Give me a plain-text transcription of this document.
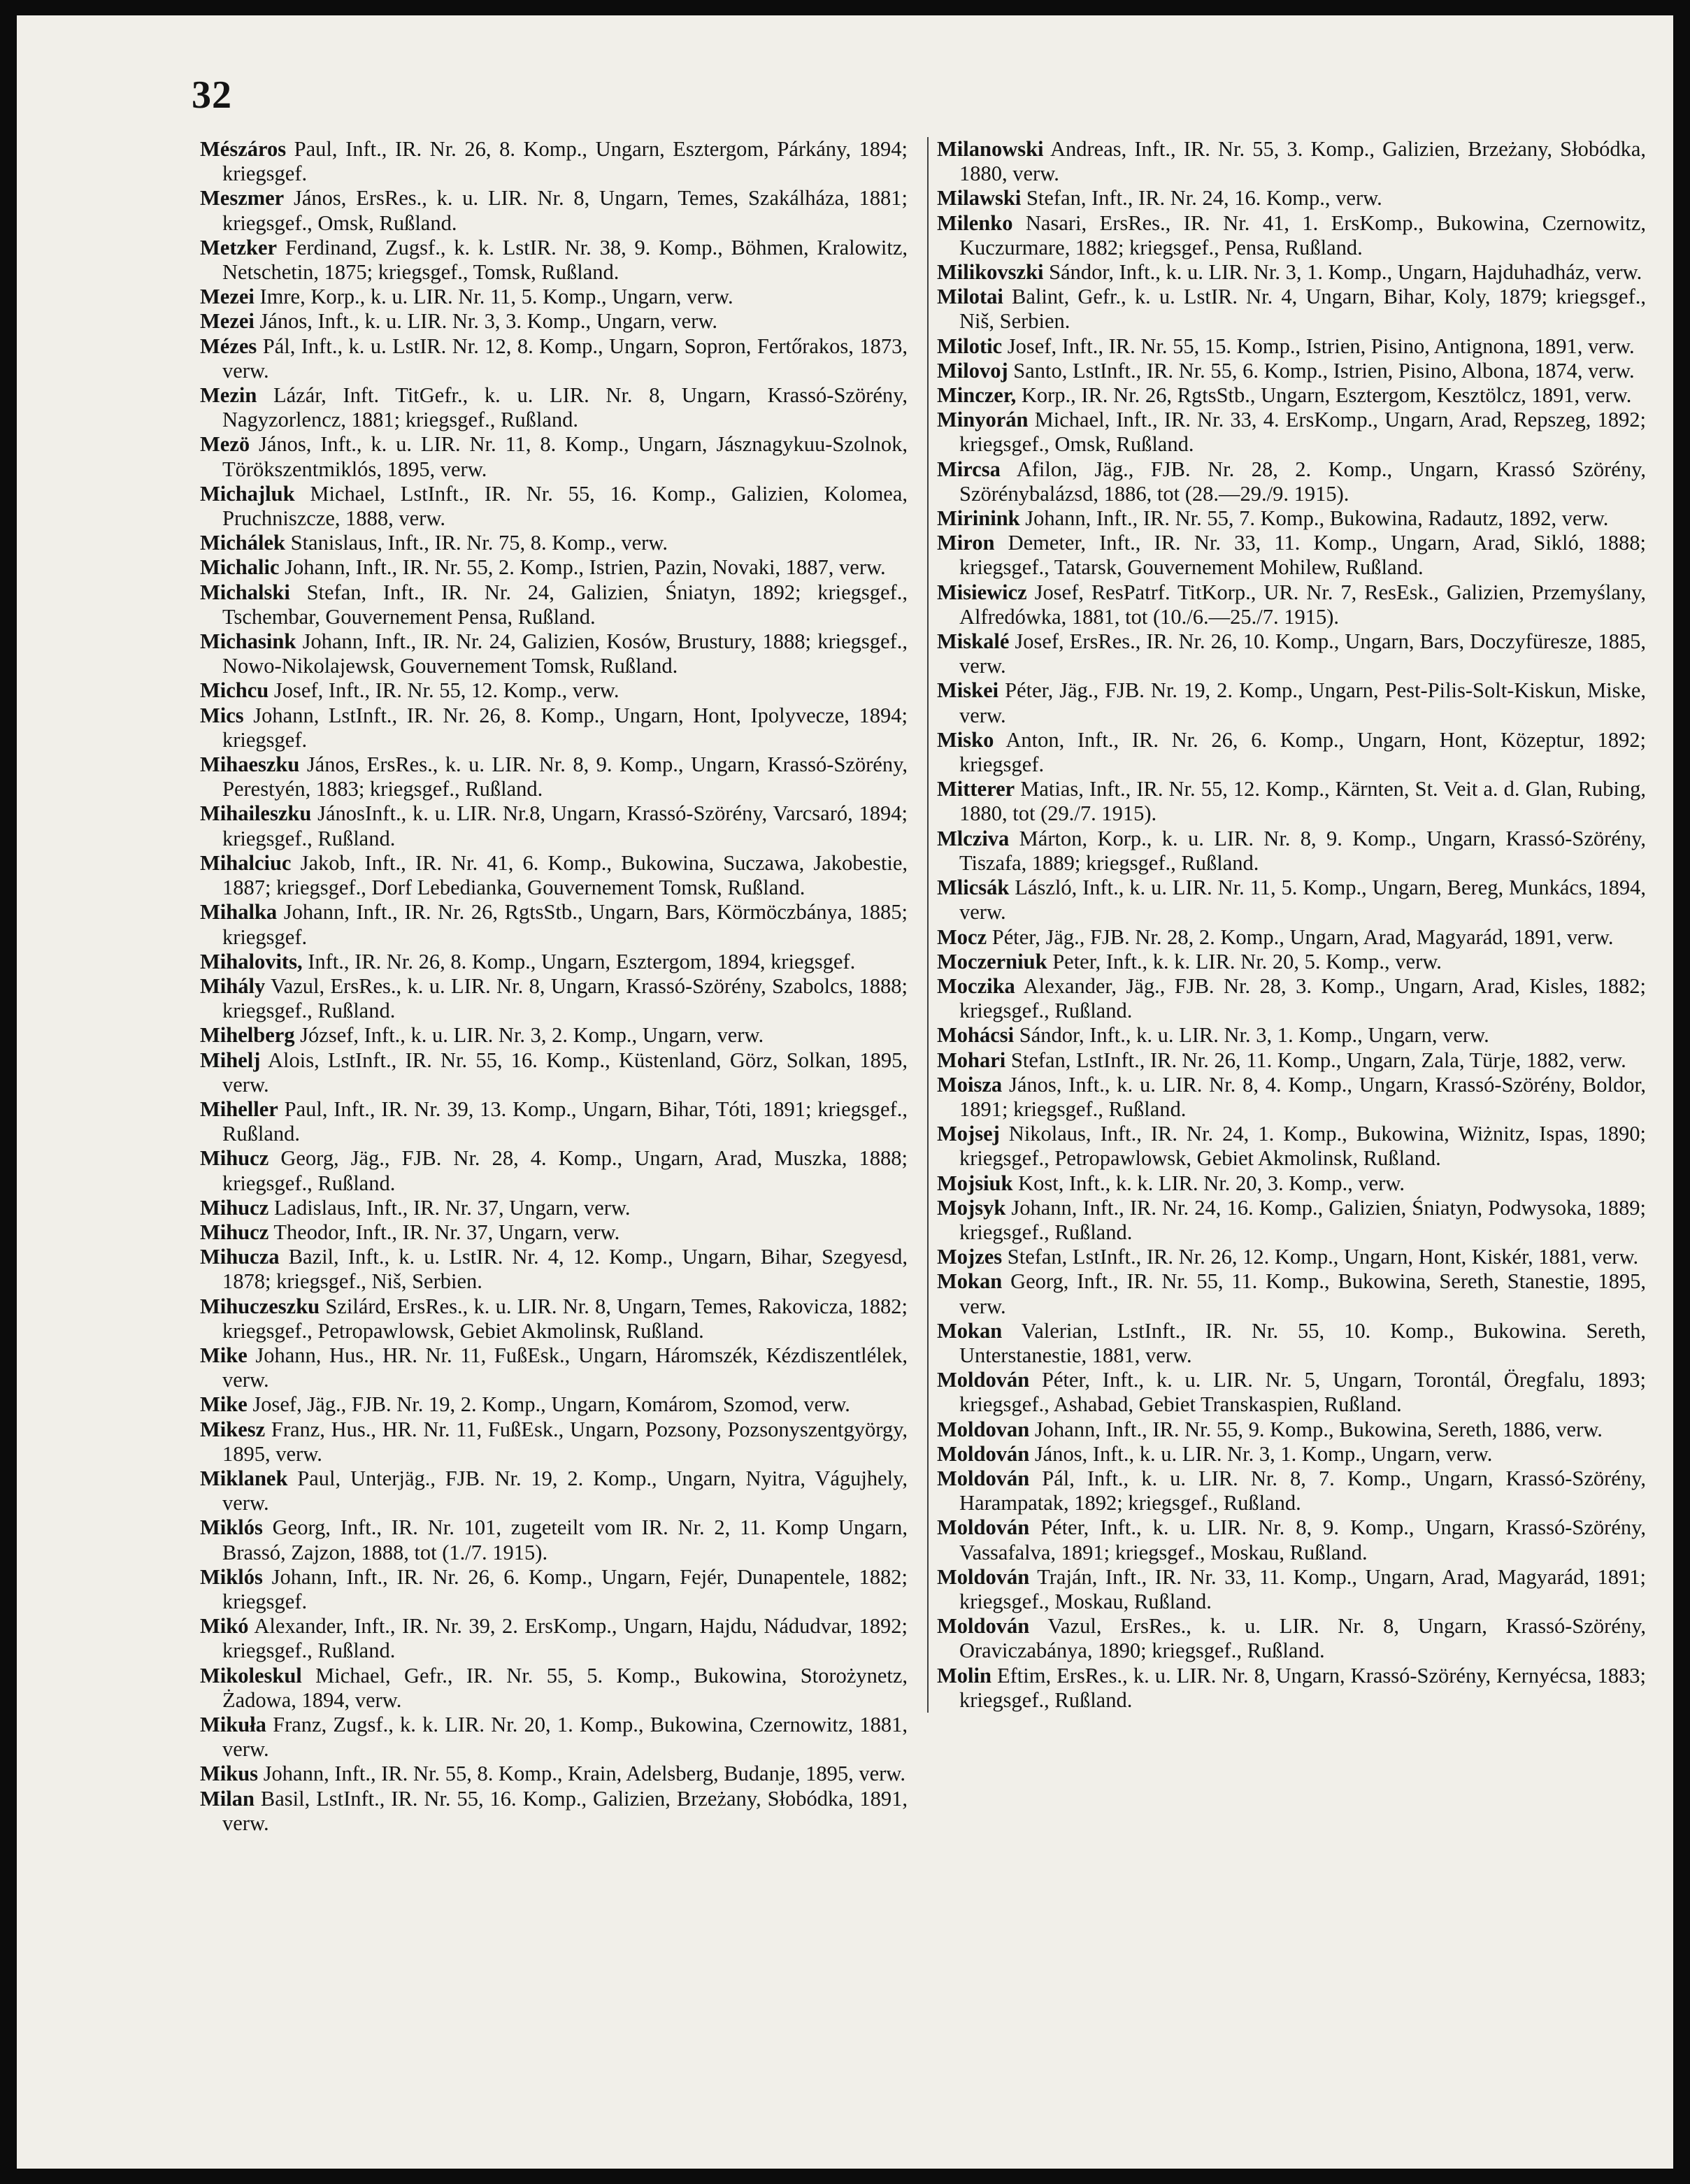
32

Mészáros Paul, Inft., IR. Nr. 26, 8. Komp., Ungarn, Esztergom, Párkány, 1894; kriegsgef.

Meszmer János, ErsRes., k. u. LIR. Nr. 8, Ungarn, Temes, Szakálháza, 1881; kriegsgef., Omsk, Rußland.

Metzker Ferdinand, Zugsf., k. k. LstIR. Nr. 38, 9. Komp., Böhmen, Kralowitz, Netschetin, 1875; kriegsgef., Tomsk, Rußland.

Mezei Imre, Korp., k. u. LIR. Nr. 11, 5. Komp., Ungarn, verw.

Mezei János, Inft., k. u. LIR. Nr. 3, 3. Komp., Ungarn, verw.

Mézes Pál, Inft., k. u. LstIR. Nr. 12, 8. Komp., Ungarn, Sopron, Fertőrakos, 1873, verw.

Mezin Lázár, Inft. TitGefr., k. u. LIR. Nr. 8, Ungarn, Krassó-Szörény, Nagyzorlencz, 1881; kriegsgef., Rußland.

Mezö János, Inft., k. u. LIR. Nr. 11, 8. Komp., Ungarn, Jásznagykuu-Szolnok, Törökszentmiklós, 1895, verw.

Michajluk Michael, LstInft., IR. Nr. 55, 16. Komp., Galizien, Kolomea, Pruchniszcze, 1888, verw.

Michálek Stanislaus, Inft., IR. Nr. 75, 8. Komp., verw.

Michalic Johann, Inft., IR. Nr. 55, 2. Komp., Istrien, Pazin, Novaki, 1887, verw.

Michalski Stefan, Inft., IR. Nr. 24, Galizien, Śniatyn, 1892; kriegsgef., Tschembar, Gouvernement Pensa, Rußland.

Michasink Johann, Inft., IR. Nr. 24, Galizien, Kosów, Brustury, 1888; kriegsgef., Nowo-Nikolajewsk, Gouvernement Tomsk, Rußland.

Michcu Josef, Inft., IR. Nr. 55, 12. Komp., verw.

Mics Johann, LstInft., IR. Nr. 26, 8. Komp., Ungarn, Hont, Ipolyvecze, 1894; kriegsgef.

Mihaeszku János, ErsRes., k. u. LIR. Nr. 8, 9. Komp., Ungarn, Krassó-Szörény, Perestyén, 1883; kriegsgef., Rußland.

Mihaileszku JánosInft., k. u. LIR. Nr.8, Ungarn, Krassó-Szörény, Varcsaró, 1894; kriegsgef., Rußland.

Mihalciuc Jakob, Inft., IR. Nr. 41, 6. Komp., Bukowina, Suczawa, Jakobestie, 1887; kriegsgef., Dorf Lebedianka, Gouvernement Tomsk, Rußland.

Mihalka Johann, Inft., IR. Nr. 26, RgtsStb., Ungarn, Bars, Körmöczbánya, 1885; kriegsgef.

Mihalovits, Inft., IR. Nr. 26, 8. Komp., Ungarn, Esztergom, 1894, kriegsgef.

Mihály Vazul, ErsRes., k. u. LIR. Nr. 8, Ungarn, Krassó-Szörény, Szabolcs, 1888; kriegsgef., Rußland.

Mihelberg József, Inft., k. u. LIR. Nr. 3, 2. Komp., Ungarn, verw.

Mihelj Alois, LstInft., IR. Nr. 55, 16. Komp., Küstenland, Görz, Solkan, 1895, verw.

Miheller Paul, Inft., IR. Nr. 39, 13. Komp., Ungarn, Bihar, Tóti, 1891; kriegsgef., Rußland.

Mihucz Georg, Jäg., FJB. Nr. 28, 4. Komp., Ungarn, Arad, Muszka, 1888; kriegsgef., Rußland.

Mihucz Ladislaus, Inft., IR. Nr. 37, Ungarn, verw.

Mihucz Theodor, Inft., IR. Nr. 37, Ungarn, verw.

Mihucza Bazil, Inft., k. u. LstIR. Nr. 4, 12. Komp., Ungarn, Bihar, Szegyesd, 1878; kriegsgef., Niš, Serbien.

Mihuczeszku Szilárd, ErsRes., k. u. LIR. Nr. 8, Ungarn, Temes, Rakovicza, 1882; kriegsgef., Petropawlowsk, Gebiet Akmolinsk, Rußland.

Mike Johann, Hus., HR. Nr. 11, FußEsk., Ungarn, Háromszék, Kézdiszentlélek, verw.

Mike Josef, Jäg., FJB. Nr. 19, 2. Komp., Ungarn, Komárom, Szomod, verw.

Mikesz Franz, Hus., HR. Nr. 11, FußEsk., Ungarn, Pozsony, Pozsonyszentgyörgy, 1895, verw.

Miklanek Paul, Unterjäg., FJB. Nr. 19, 2. Komp., Ungarn, Nyitra, Vágujhely, verw.

Miklós Georg, Inft., IR. Nr. 101, zugeteilt vom IR. Nr. 2, 11. Komp Ungarn, Brassó, Zajzon, 1888, tot (1./7. 1915).

Miklós Johann, Inft., IR. Nr. 26, 6. Komp., Ungarn, Fejér, Dunapentele, 1882; kriegsgef.

Mikó Alexander, Inft., IR. Nr. 39, 2. ErsKomp., Ungarn, Hajdu, Nádudvar, 1892; kriegsgef., Rußland.

Mikoleskul Michael, Gefr., IR. Nr. 55, 5. Komp., Bukowina, Storożynetz, Żadowa, 1894, verw.

Mikuła Franz, Zugsf., k. k. LIR. Nr. 20, 1. Komp., Bukowina, Czernowitz, 1881, verw.

Mikus Johann, Inft., IR. Nr. 55, 8. Komp., Krain, Adelsberg, Budanje, 1895, verw.

Milan Basil, LstInft., IR. Nr. 55, 16. Komp., Galizien, Brzeżany, Słobódka, 1891, verw.

Milanowski Andreas, Inft., IR. Nr. 55, 3. Komp., Galizien, Brzeżany, Słobódka, 1880, verw.

Milawski Stefan, Inft., IR. Nr. 24, 16. Komp., verw.

Milenko Nasari, ErsRes., IR. Nr. 41, 1. ErsKomp., Bukowina, Czernowitz, Kuczurmare, 1882; kriegsgef., Pensa, Rußland.

Milikovszki Sándor, Inft., k. u. LIR. Nr. 3, 1. Komp., Ungarn, Hajduhadház, verw.

Milotai Balint, Gefr., k. u. LstIR. Nr. 4, Ungarn, Bihar, Koly, 1879; kriegsgef., Niš, Serbien.

Milotic Josef, Inft., IR. Nr. 55, 15. Komp., Istrien, Pisino, Antignona, 1891, verw.

Milovoj Santo, LstInft., IR. Nr. 55, 6. Komp., Istrien, Pisino, Albona, 1874, verw.

Minczer, Korp., IR. Nr. 26, RgtsStb., Ungarn, Esztergom, Kesztölcz, 1891, verw.

Minyorán Michael, Inft., IR. Nr. 33, 4. ErsKomp., Ungarn, Arad, Repszeg, 1892; kriegsgef., Omsk, Rußland.

Mircsa Afilon, Jäg., FJB. Nr. 28, 2. Komp., Ungarn, Krassó Szörény, Szörénybalázsd, 1886, tot (28.—29./9. 1915).

Mirinink Johann, Inft., IR. Nr. 55, 7. Komp., Bukowina, Radautz, 1892, verw.

Miron Demeter, Inft., IR. Nr. 33, 11. Komp., Ungarn, Arad, Sikló, 1888; kriegsgef., Tatarsk, Gouvernement Mohilew, Rußland.

Misiewicz Josef, ResPatrf. TitKorp., UR. Nr. 7, ResEsk., Galizien, Przemyślany, Alfredówka, 1881, tot (10./6.—25./7. 1915).

Miskalé Josef, ErsRes., IR. Nr. 26, 10. Komp., Ungarn, Bars, Doczyfüresze, 1885, verw.

Miskei Péter, Jäg., FJB. Nr. 19, 2. Komp., Ungarn, Pest-Pilis-Solt-Kiskun, Miske, verw.

Misko Anton, Inft., IR. Nr. 26, 6. Komp., Ungarn, Hont, Közeptur, 1892; kriegsgef.

Mitterer Matias, Inft., IR. Nr. 55, 12. Komp., Kärnten, St. Veit a. d. Glan, Rubing, 1880, tot (29./7. 1915).

Mlcziva Márton, Korp., k. u. LIR. Nr. 8, 9. Komp., Ungarn, Krassó-Szörény, Tiszafa, 1889; kriegsgef., Rußland.

Mlicsák László, Inft., k. u. LIR. Nr. 11, 5. Komp., Ungarn, Bereg, Munkács, 1894, verw.

Mocz Péter, Jäg., FJB. Nr. 28, 2. Komp., Ungarn, Arad, Magyarád, 1891, verw.

Moczerniuk Peter, Inft., k. k. LIR. Nr. 20, 5. Komp., verw.

Moczika Alexander, Jäg., FJB. Nr. 28, 3. Komp., Ungarn, Arad, Kisles, 1882; kriegsgef., Rußland.

Mohácsi Sándor, Inft., k. u. LIR. Nr. 3, 1. Komp., Ungarn, verw.

Mohari Stefan, LstInft., IR. Nr. 26, 11. Komp., Ungarn, Zala, Türje, 1882, verw.

Moisza János, Inft., k. u. LIR. Nr. 8, 4. Komp., Ungarn, Krassó-Szörény, Boldor, 1891; kriegsgef., Rußland.

Mojsej Nikolaus, Inft., IR. Nr. 24, 1. Komp., Bukowina, Wiżnitz, Ispas, 1890; kriegsgef., Petropawlowsk, Gebiet Akmolinsk, Rußland.

Mojsiuk Kost, Inft., k. k. LIR. Nr. 20, 3. Komp., verw.

Mojsyk Johann, Inft., IR. Nr. 24, 16. Komp., Galizien, Śniatyn, Podwysoka, 1889; kriegsgef., Rußland.

Mojzes Stefan, LstInft., IR. Nr. 26, 12. Komp., Ungarn, Hont, Kiskér, 1881, verw.

Mokan Georg, Inft., IR. Nr. 55, 11. Komp., Bukowina, Sereth, Stanestie, 1895, verw.

Mokan Valerian, LstInft., IR. Nr. 55, 10. Komp., Bukowina. Sereth, Unterstanestie, 1881, verw.

Moldován Péter, Inft., k. u. LIR. Nr. 5, Ungarn, Torontál, Öregfalu, 1893; kriegsgef., Ashabad, Gebiet Transkaspien, Rußland.

Moldovan Johann, Inft., IR. Nr. 55, 9. Komp., Bukowina, Sereth, 1886, verw.

Moldován János, Inft., k. u. LIR. Nr. 3, 1. Komp., Ungarn, verw.

Moldován Pál, Inft., k. u. LIR. Nr. 8, 7. Komp., Ungarn, Krassó-Szörény, Harampatak, 1892; kriegsgef., Rußland.

Moldován Péter, Inft., k. u. LIR. Nr. 8, 9. Komp., Ungarn, Krassó-Szörény, Vassafalva, 1891; kriegsgef., Moskau, Rußland.

Moldován Traján, Inft., IR. Nr. 33, 11. Komp., Ungarn, Arad, Magyarád, 1891; kriegsgef., Moskau, Rußland.

Moldován Vazul, ErsRes., k. u. LIR. Nr. 8, Ungarn, Krassó-Szörény, Oraviczabánya, 1890; kriegsgef., Rußland.

Molin Eftim, ErsRes., k. u. LIR. Nr. 8, Ungarn, Krassó-Szörény, Kernyécsa, 1883; kriegsgef., Rußland.
